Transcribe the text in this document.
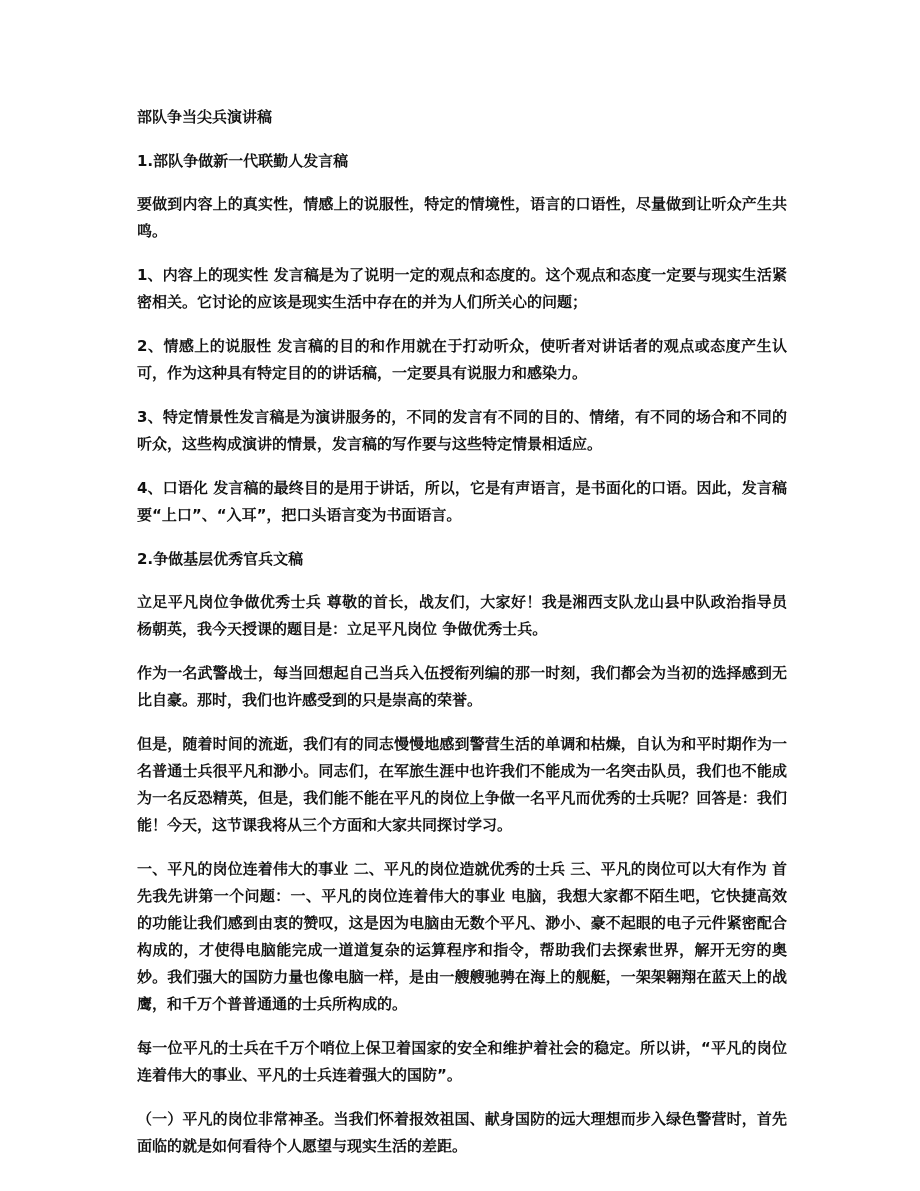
部队争当尖兵演讲稿
1.部队争做新一代联勤人发言稿
要做到内容上的真实性，情感上的说服性，特定的情境性，语言的口语性，尽量做到让听众产生共鸣。
1、内容上的现实性 发言稿是为了说明一定的观点和态度的。这个观点和态度一定要与现实生活紧密相关。它讨论的应该是现实生活中存在的并为人们所关心的问题；
2、情感上的说服性 发言稿的目的和作用就在于打动听众，使听者对讲话者的观点或态度产生认可，作为这种具有特定目的的讲话稿，一定要具有说服力和感染力。
3、特定情景性发言稿是为演讲服务的，不同的发言有不同的目的、情绪，有不同的场合和不同的听众，这些构成演讲的情景，发言稿的写作要与这些特定情景相适应。
4、口语化 发言稿的最终目的是用于讲话，所以，它是有声语言，是书面化的口语。因此，发言稿要“上口”、“入耳”，把口头语言变为书面语言。
2.争做基层优秀官兵文稿
立足平凡岗位争做优秀士兵 尊敬的首长，战友们，大家好！我是湘西支队龙山县中队政治指导员杨朝英，我今天授课的题目是：立足平凡岗位 争做优秀士兵。
作为一名武警战士，每当回想起自己当兵入伍授衔列编的那一时刻，我们都会为当初的选择感到无比自豪。那时，我们也许感受到的只是崇高的荣誉。
但是，随着时间的流逝，我们有的同志慢慢地感到警营生活的单调和枯燥，自认为和平时期作为一名普通士兵很平凡和渺小。同志们，在军旅生涯中也许我们不能成为一名突击队员，我们也不能成为一名反恐精英，但是，我们能不能在平凡的岗位上争做一名平凡而优秀的士兵呢？回答是：我们能！今天，这节课我将从三个方面和大家共同探讨学习。
一、平凡的岗位连着伟大的事业 二、平凡的岗位造就优秀的士兵 三、平凡的岗位可以大有作为 首先我先讲第一个问题：一、平凡的岗位连着伟大的事业 电脑，我想大家都不陌生吧，它快捷高效的功能让我们感到由衷的赞叹，这是因为电脑由无数个平凡、渺小、豪不起眼的电子元件紧密配合构成的，才使得电脑能完成一道道复杂的运算程序和指令，帮助我们去探索世界，解开无穷的奥妙。我们强大的国防力量也像电脑一样，是由一艘艘驰骋在海上的舰艇，一架架翱翔在蓝天上的战鹰，和千万个普普通通的士兵所构成的。
每一位平凡的士兵在千万个哨位上保卫着国家的安全和维护着社会的稳定。所以讲，“平凡的岗位连着伟大的事业、平凡的士兵连着强大的国防”。
（一）平凡的岗位非常神圣。当我们怀着报效祖国、献身国防的远大理想而步入绿色警营时，首先面临的就是如何看待个人愿望与现实生活的差距。
